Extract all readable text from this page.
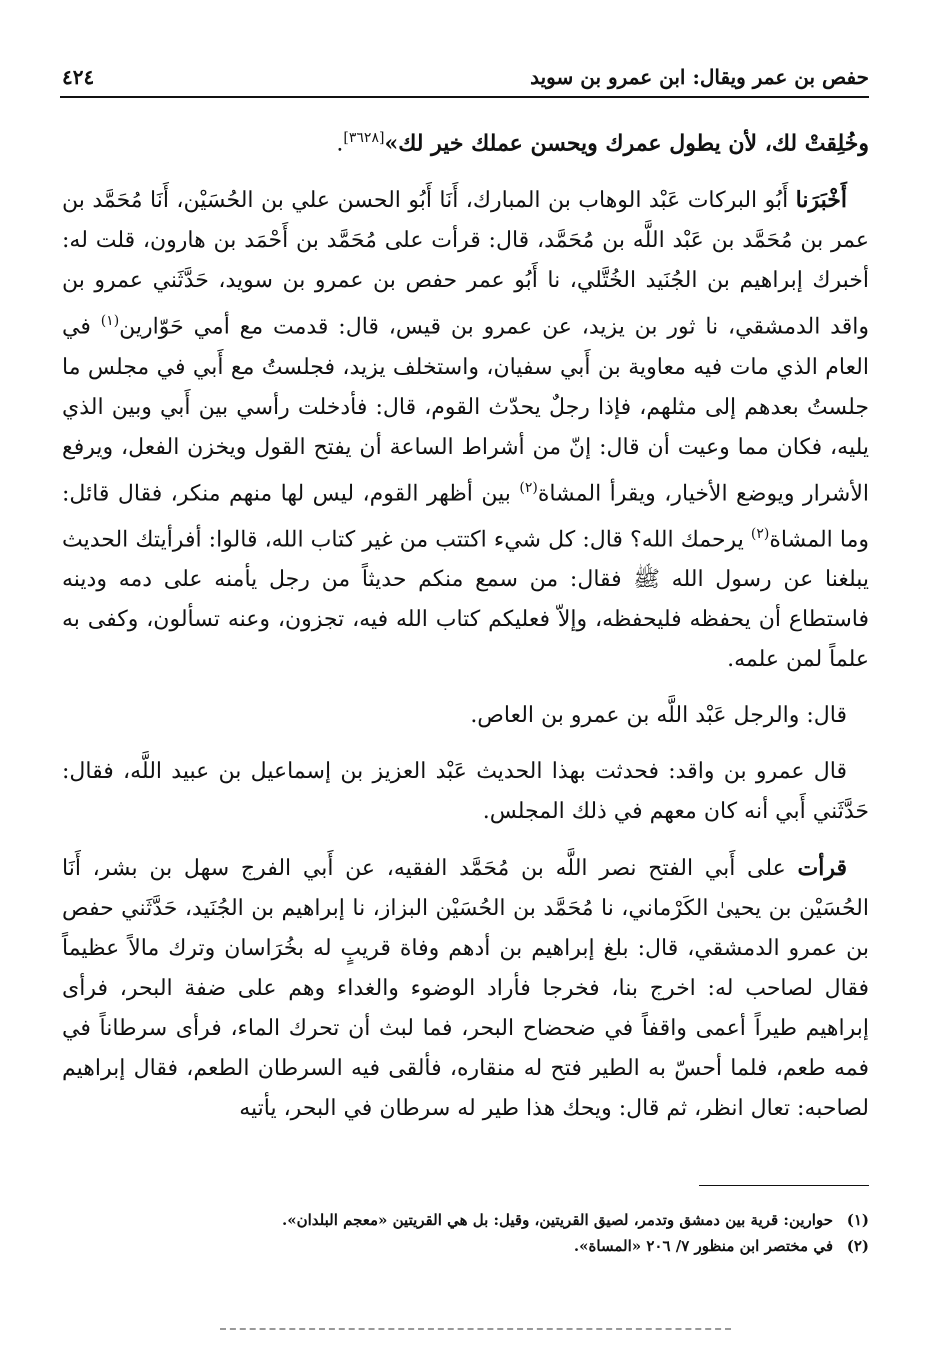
حفص بن عمر ويقال: ابن عمرو بن سويد
٤٢٤

وخُلِقتْ لك، لأن يطول عمرك ويحسن عملك خير لك»[٣٦٢٨].

أَخْبَرَنا أَبُو البركات عَبْد الوهاب بن المبارك، أَنَا أَبُو الحسن علي بن الحُسَيْن، أَنَا مُحَمَّد بن عمر بن مُحَمَّد بن عَبْد اللَّه بن مُحَمَّد، قال: قرأت على مُحَمَّد بن أَحْمَد بن هارون، قلت له: أخبرك إبراهيم بن الجُنَيد الخُتَّلي، نا أَبُو عمر حفص بن عمرو بن سويد، حَدَّثَني عمرو بن واقد الدمشقي، نا ثور بن يزيد، عن عمرو بن قيس، قال: قدمت مع أمي حَوّارين$^{(١)}$ في العام الذي مات فيه معاوية بن أَبي سفيان، واستخلف يزيد، فجلستُ مع أَبي في مجلس ما جلستُ بعدهم إلى مثلهم، فإذا رجلٌ يحدّث القوم، قال: فأدخلت رأسي بين أَبي وبين الذي يليه، فكان مما وعيت أن قال: إنّ من أشراط الساعة أن يفتح القول ويخزن الفعل، ويرفع الأشرار ويوضع الأخيار، ويقرأ المشاة$^{(٢)}$ بين أظهر القوم، ليس لها منهم منكر، فقال قائل: وما المشاة$^{(٢)}$ يرحمك الله؟ قال: كل شيء اكتتب من غير كتاب الله، قالوا: أفرأيتك الحديث يبلغنا عن رسول الله ﷺ فقال: من سمع منكم حديثاً من رجل يأمنه على دمه ودينه فاستطاع أن يحفظه فليحفظه، وإلاّ فعليكم كتاب الله فيه، تجزون، وعنه تسألون، وكفى به علماً لمن علمه.

قال: والرجل عَبْد اللَّه بن عمرو بن العاص.

قال عمرو بن واقد: فحدثت بهذا الحديث عَبْد العزيز بن إسماعيل بن عبيد اللَّه، فقال: حَدَّثَني أَبي أنه كان معهم في ذلك المجلس.

قرأت على أَبي الفتح نصر اللَّه بن مُحَمَّد الفقيه، عن أَبي الفرج سهل بن بشر، أَنَا الحُسَيْن بن يحيىٰ الكَرْماني، نا مُحَمَّد بن الحُسَيْن البزاز، نا إبراهيم بن الجُنَيد، حَدَّثَني حفص بن عمرو الدمشقي، قال: بلغ إبراهيم بن أدهم وفاة قريبٍ له بخُرَاسان وترك مالاً عظيماً فقال لصاحب له: اخرج بنا، فخرجا فأراد الوضوء والغداء وهم على ضفة البحر، فرأى إبراهيم طيراً أعمى واقفاً في ضحضاح البحر، فما لبث أن تحرك الماء، فرأى سرطاناً في فمه طعم، فلما أحسّ به الطير فتح له منقاره، فألقى فيه السرطان الطعم، فقال إبراهيم لصاحبه: تعال انظر، ثم قال: ويحك هذا طير له سرطان في البحر، يأتيه

(١)حوارين: قرية بين دمشق وتدمر، لصيق القريتين، وقيل: بل هي القريتين «معجم البلدان».
(٢)في مختصر ابن منظور ٧/ ٢٠٦ «المساة».
